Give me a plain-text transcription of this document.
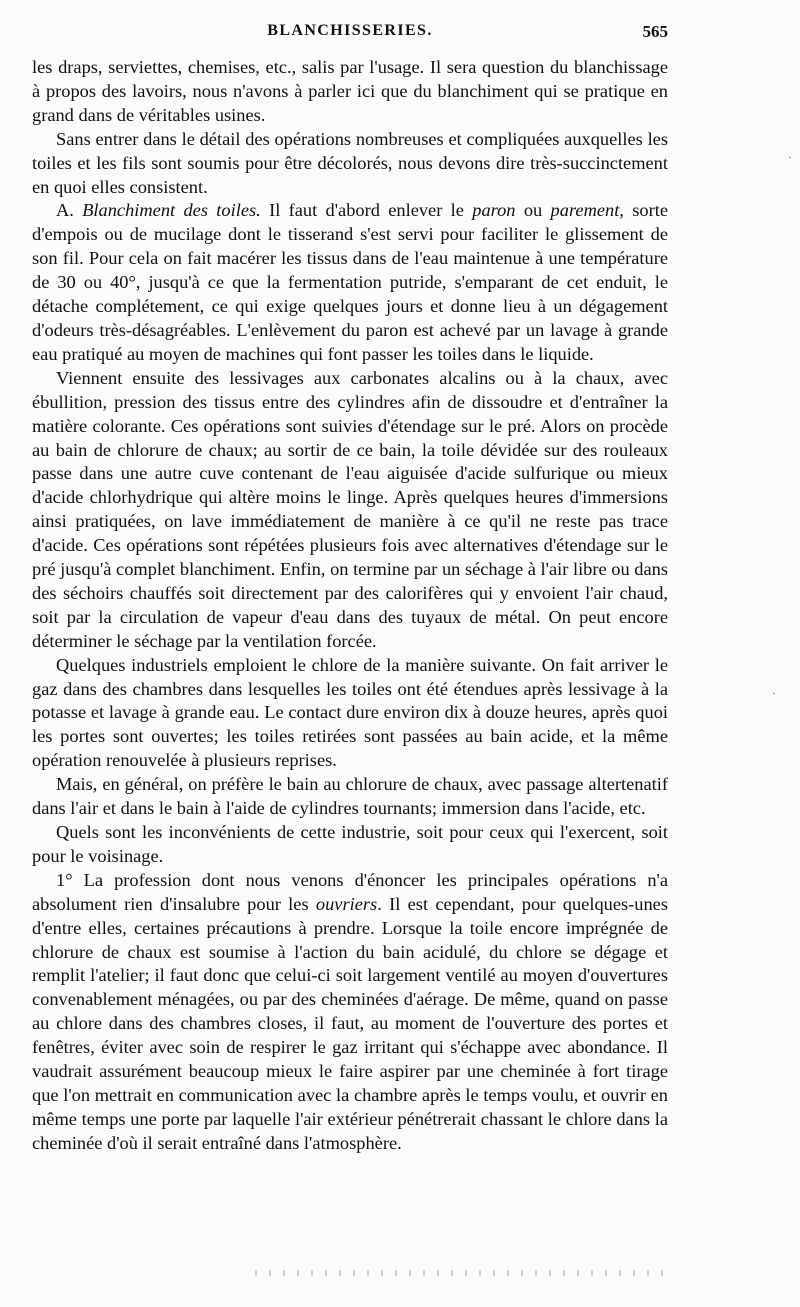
BLANCHISSERIES.	565

les draps, serviettes, chemises, etc., salis par l'usage. Il sera question du blanchissage à propos des lavoirs, nous n'avons à parler ici que du blanchiment qui se pratique en grand dans de véritables usines.

Sans entrer dans le détail des opérations nombreuses et compliquées auxquelles les toiles et les fils sont soumis pour être décolorés, nous devons dire très-succinctement en quoi elles consistent.

A. Blanchiment des toiles. Il faut d'abord enlever le paron ou parement, sorte d'empois ou de mucilage dont le tisserand s'est servi pour faciliter le glissement de son fil. Pour cela on fait macérer les tissus dans de l'eau maintenue à une température de 30 ou 40°, jusqu'à ce que la fermentation putride, s'emparant de cet enduit, le détache complétement, ce qui exige quelques jours et donne lieu à un dégagement d'odeurs très-désagréables. L'enlèvement du paron est achevé par un lavage à grande eau pratiqué au moyen de machines qui font passer les toiles dans le liquide.

Viennent ensuite des lessivages aux carbonates alcalins ou à la chaux, avec ébullition, pression des tissus entre des cylindres afin de dissoudre et d'entraîner la matière colorante. Ces opérations sont suivies d'étendage sur le pré. Alors on procède au bain de chlorure de chaux; au sortir de ce bain, la toile dévidée sur des rouleaux passe dans une autre cuve contenant de l'eau aiguisée d'acide sulfurique ou mieux d'acide chlorhydrique qui altère moins le linge. Après quelques heures d'immersions ainsi pratiquées, on lave immédiatement de manière à ce qu'il ne reste pas trace d'acide. Ces opérations sont répétées plusieurs fois avec alternatives d'étendage sur le pré jusqu'à complet blanchiment. Enfin, on termine par un séchage à l'air libre ou dans des séchoirs chauffés soit directement par des calorifères qui y envoient l'air chaud, soit par la circulation de vapeur d'eau dans des tuyaux de métal. On peut encore déterminer le séchage par la ventilation forcée.

Quelques industriels emploient le chlore de la manière suivante. On fait arriver le gaz dans des chambres dans lesquelles les toiles ont été étendues après lessivage à la potasse et lavage à grande eau. Le contact dure environ dix à douze heures, après quoi les portes sont ouvertes; les toiles retirées sont passées au bain acide, et la même opération renouvelée à plusieurs reprises.

Mais, en général, on préfère le bain au chlorure de chaux, avec passage altertenatif dans l'air et dans le bain à l'aide de cylindres tournants; immersion dans l'acide, etc.

Quels sont les inconvénients de cette industrie, soit pour ceux qui l'exercent, soit pour le voisinage.

1° La profession dont nous venons d'énoncer les principales opérations n'a absolument rien d'insalubre pour les ouvriers. Il est cependant, pour quelques-unes d'entre elles, certaines précautions à prendre. Lorsque la toile encore imprégnée de chlorure de chaux est soumise à l'action du bain acidulé, du chlore se dégage et remplit l'atelier; il faut donc que celui-ci soit largement ventilé au moyen d'ouvertures convenablement ménagées, ou par des cheminées d'aérage. De même, quand on passe au chlore dans des chambres closes, il faut, au moment de l'ouverture des portes et fenêtres, éviter avec soin de respirer le gaz irritant qui s'échappe avec abondance. Il vaudrait assurément beaucoup mieux le faire aspirer par une cheminée à fort tirage que l'on mettrait en communication avec la chambre après le temps voulu, et ouvrir en même temps une porte par laquelle l'air extérieur pénétrerait chassant le chlore dans la cheminée d'où il serait entraîné dans l'atmosphère.

·
·
